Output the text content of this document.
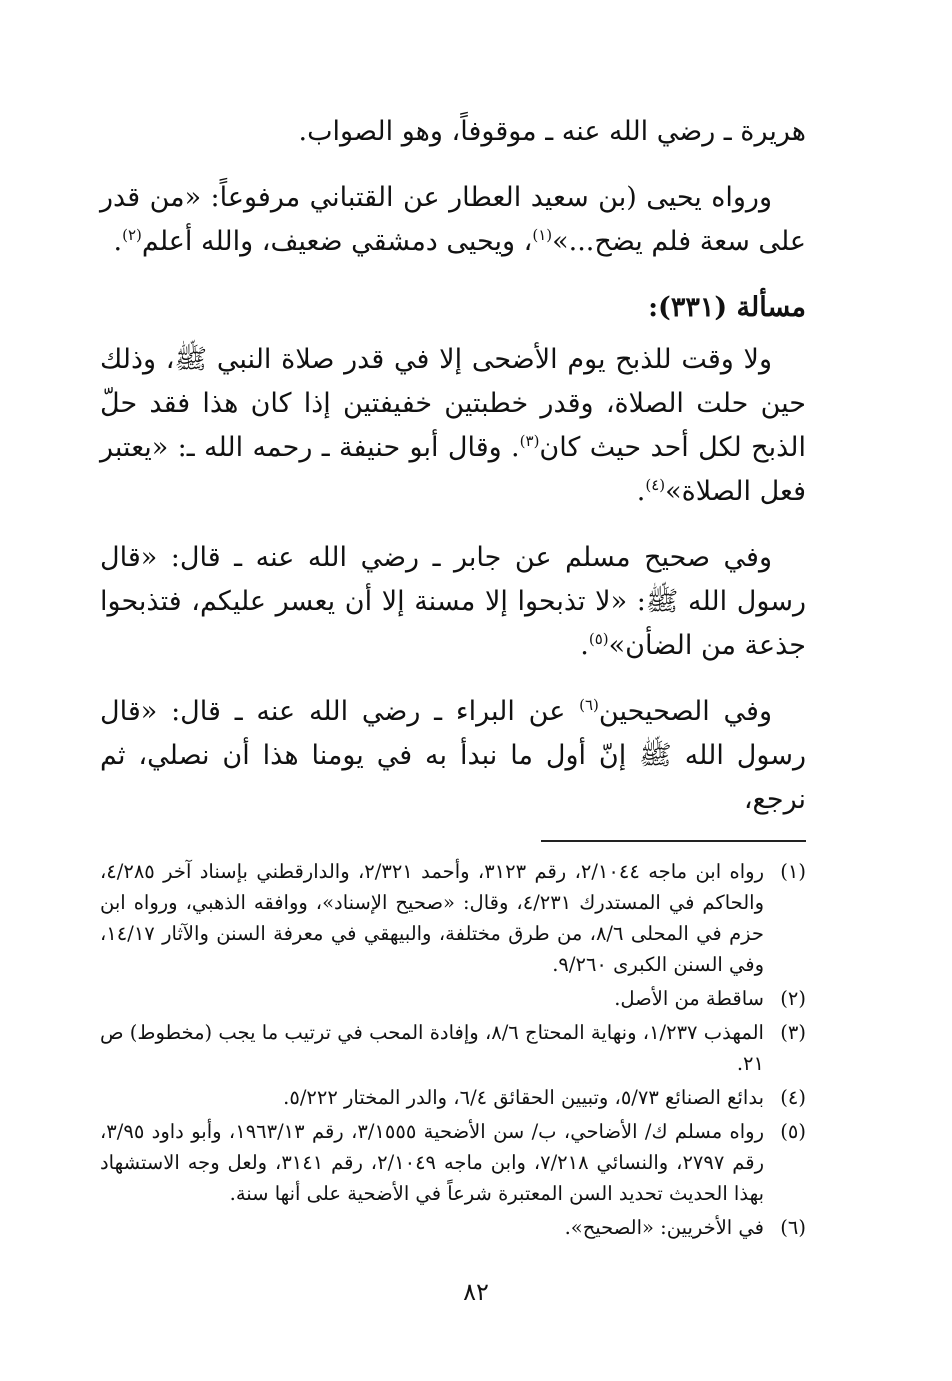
هريرة ـ رضي الله عنه ـ موقوفاً، وهو الصواب.

ورواه يحيى (بن سعيد العطار عن القتباني مرفوعاً: «من قدر على سعة فلم يضح...»$^{(١)}$، ويحيى دمشقي ضعيف، والله أعلم$^{(٢)}$.

مسألة (٣٣١):

ولا وقت للذبح يوم الأضحى إلا في قدر صلاة النبي ﷺ، وذلك حين حلت الصلاة، وقدر خطبتين خفيفتين إذا كان هذا فقد حلّ الذبح لكل أحد حيث كان$^{(٣)}$. وقال أبو حنيفة ـ رحمه الله ـ: «يعتبر فعل الصلاة»$^{(٤)}$.

وفي صحيح مسلم عن جابر ـ رضي الله عنه ـ قال: «قال رسول الله ﷺ: «لا تذبحوا إلا مسنة إلا أن يعسر عليكم، فتذبحوا جذعة من الضأن»$^{(٥)}$.

وفي الصحيحين$^{(٦)}$ عن البراء ـ رضي الله عنه ـ قال: «قال رسول الله ﷺ إنّ أول ما نبدأ به في يومنا هذا أن نصلي، ثم نرجع،

(١)
رواه ابن ماجه ٢/١٠٤٤، رقم ٣١٢٣، وأحمد ٢/٣٢١، والدارقطني بإسناد آخر ٤/٢٨٥، والحاكم في المستدرك ٤/٢٣١، وقال: «صحيح الإسناد»، ووافقه الذهبي، ورواه ابن حزم في المحلى ٨/٦، من طرق مختلفة، والبيهقي في معرفة السنن والآثار ١٤/١٧، وفي السنن الكبرى ٩/٢٦٠.
(٢)
ساقطة من الأصل.
(٣)
المهذب ١/٢٣٧، ونهاية المحتاج ٨/٦، وإفادة المحب في ترتيب ما يجب (مخطوط) ص ٢١.
(٤)
بدائع الصنائع ٥/٧٣، وتبيين الحقائق ٦/٤، والدر المختار ٥/٢٢٢.
(٥)
رواه مسلم ك/ الأضاحي، ب/ سن الأضحية ٣/١٥٥٥، رقم ١٩٦٣/١٣، وأبو داود ٣/٩٥، رقم ٢٧٩٧، والنسائي ٧/٢١٨، وابن ماجه ٢/١٠٤٩، رقم ٣١٤١، ولعل وجه الاستشهاد بهذا الحديث تحديد السن المعتبرة شرعاً في الأضحية على أنها سنة.
(٦)
في الأخريين: «الصحيح».
٨٢
